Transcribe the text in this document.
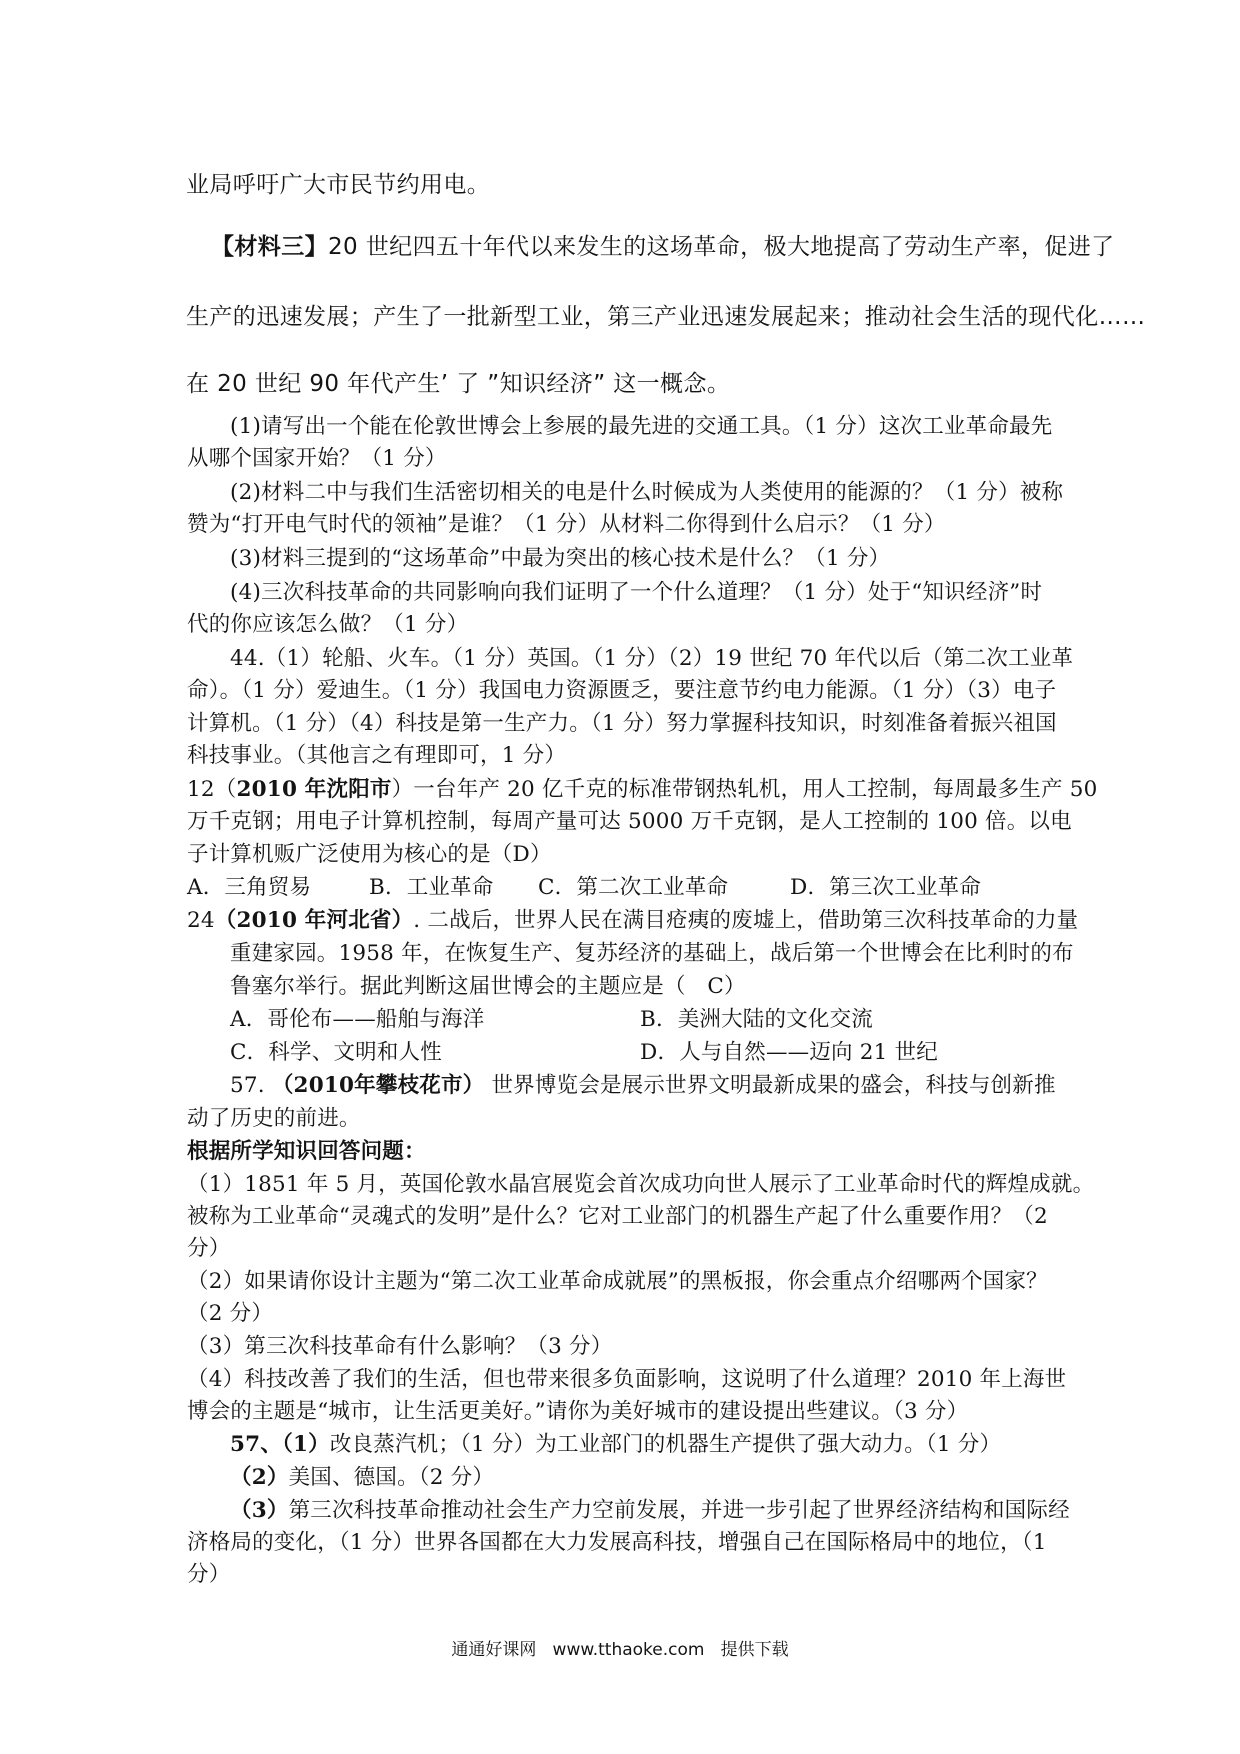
业局呼吁广大市民节约用电。
【材料三】20 世纪四五十年代以来发生的这场革命，极大地提高了劳动生产率，促进了
生产的迅速发展；产生了一批新型工业，第三产业迅速发展起来；推动社会生活的现代化……
在 20 世纪 90 年代产生’ 了 ”知识经济” 这一概念。
(1)请写出一个能在伦敦世博会上参展的最先进的交通工具。（1 分）这次工业革命最先
从哪个国家开始？（1 分）
(2)材料二中与我们生活密切相关的电是什么时候成为人类使用的能源的？（1 分）被称
赞为“打开电气时代的领袖”是谁？（1 分）从材料二你得到什么启示？（1 分）
(3)材料三提到的“这场革命”中最为突出的核心技术是什么？（1 分）
(4)三次科技革命的共同影响向我们证明了一个什么道理？（1 分）处于“知识经济”时
代的你应该怎么做？（1 分）
44.（1）轮船、火车。（1 分）英国。（1 分）（2）19 世纪 70 年代以后（第二次工业革
命）。（1 分）爱迪生。（1 分）我国电力资源匮乏，要注意节约电力能源。（1 分）（3）电子
计算机。（1 分）（4）科技是第一生产力。（1 分）努力掌握科技知识，时刻准备着振兴祖国
科技事业。（其他言之有理即可，1 分）
12（2010 年沈阳市）一台年产 20 亿千克的标准带钢热轧机，用人工控制，每周最多生产 50
万千克钢；用电子计算机控制，每周产量可达 5000 万千克钢，是人工控制的 100 倍。以电
子计算机贩广泛使用为核心的是（D）
A．三角贸易	B．工业革命 C．第二次工业革命	D．第三次工业革命
24（2010 年河北省）. 二战后，世界人民在满目疮痍的废墟上，借助第三次科技革命的力量
重建家园。1958 年，在恢复生产、复苏经济的基础上，战后第一个世博会在比利时的布
鲁塞尔举行。据此判断这届世博会的主题应是（　C）
A．哥伦布——船舶与海洋	B．美洲大陆的文化交流
C．科学、文明和人性	D．人与自然——迈向 21 世纪
57. （2010年攀枝花市） 世界博览会是展示世界文明最新成果的盛会，科技与创新推
动了历史的前进。
根据所学知识回答问题：
（1）1851 年 5 月，英国伦敦水晶宫展览会首次成功向世人展示了工业革命时代的辉煌成就。
被称为工业革命“灵魂式的发明”是什么？它对工业部门的机器生产起了什么重要作用？（2
分）
（2）如果请你设计主题为“第二次工业革命成就展”的黑板报，你会重点介绍哪两个国家？
（2 分）
（3）第三次科技革命有什么影响？（3 分）
（4）科技改善了我们的生活，但也带来很多负面影响，这说明了什么道理？2010 年上海世
博会的主题是“城市，让生活更美好。”请你为美好城市的建设提出些建议。（3 分）
57、（1）改良蒸汽机；（1 分）为工业部门的机器生产提供了强大动力。（1 分）
（2）美国、德国。（2 分）
（3）第三次科技革命推动社会生产力空前发展，并进一步引起了世界经济结构和国际经
济格局的变化，（1 分）世界各国都在大力发展高科技，增强自己在国际格局中的地位，（1
分）
通通好课网   www.tthaoke.com   提供下载
